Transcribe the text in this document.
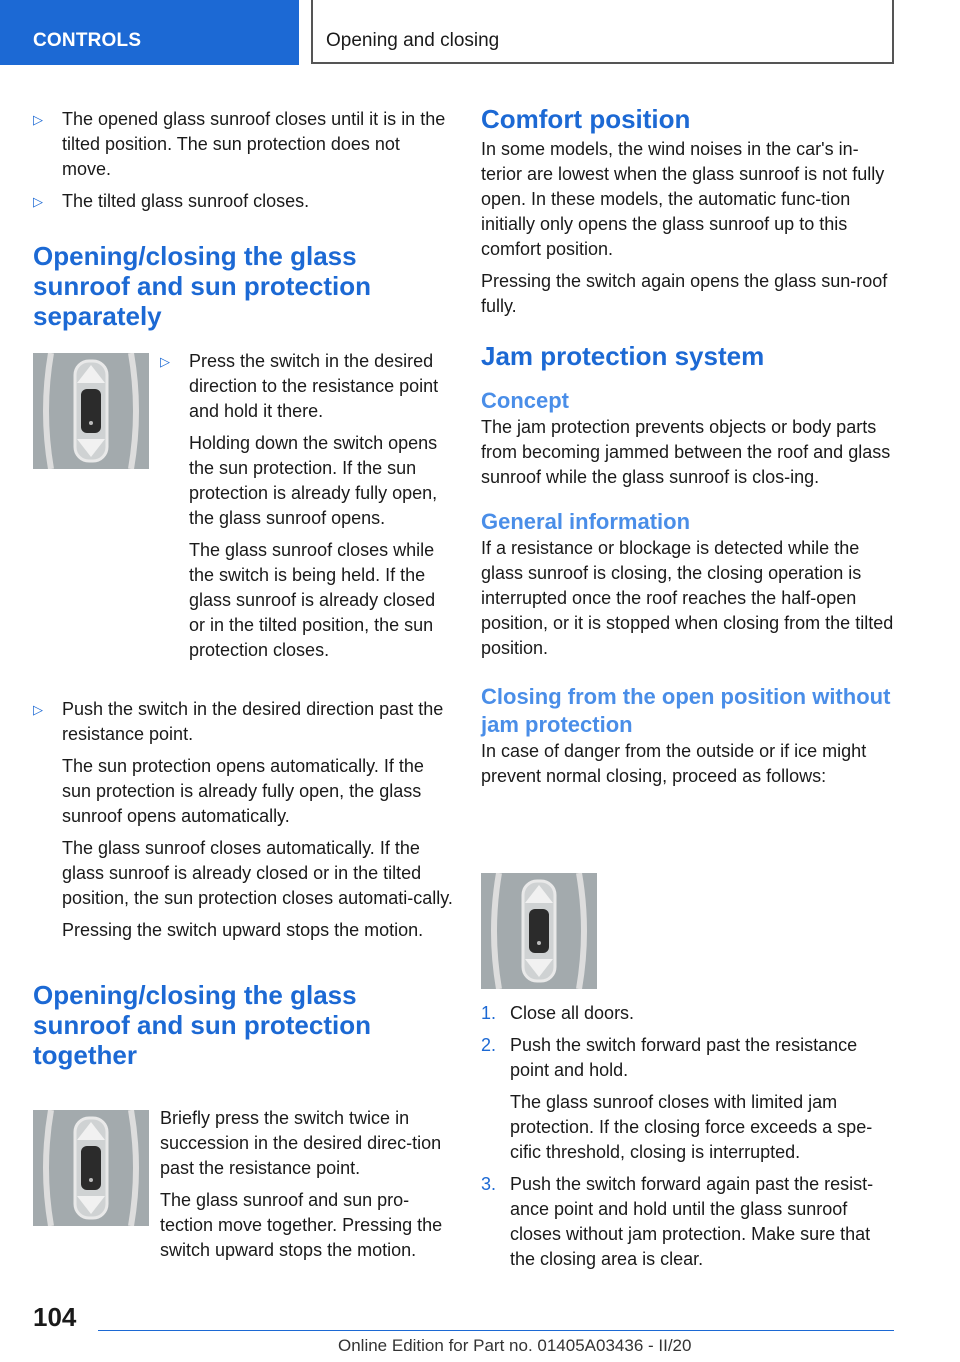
CONTROLS	Opening and closing
▷ The opened glass sunroof closes until it is in the tilted position. The sun protection does not move.

▷ The tilted glass sunroof closes.

Opening/closing the glass sunroof and sun protection separately
▷ Press the switch in the desired direction to the resistance point and hold it there.

Holding down the switch opens the sun protection. If the sun protection is already fully open, the glass sunroof opens.

The glass sunroof closes while the switch is being held. If the glass sunroof is already closed or in the tilted position, the sun protection closes.

▷ Push the switch in the desired direction past the resistance point.

The sun protection opens automatically. If the sun protection is already fully open, the glass sunroof opens automatically.

The glass sunroof closes automatically. If the glass sunroof is already closed or in the tilted position, the sun protection closes automati-cally.

Pressing the switch upward stops the motion.

Opening/closing the glass sunroof and sun protection together

Briefly press the switch twice in succession in the desired direc-tion past the resistance point.

The glass sunroof and sun pro-tection move together. Pressing the switch upward stops the motion.

Comfort position

In some models, the wind noises in the car's in-terior are lowest when the glass sunroof is not fully open. In these models, the automatic func-tion initially only opens the glass sunroof up to this comfort position.

Pressing the switch again opens the glass sun-roof fully.

Jam protection system
Concept

The jam protection prevents objects or body parts from becoming jammed between the roof and glass sunroof while the glass sunroof is clos-ing.

General information

If a resistance or blockage is detected while the glass sunroof is closing, the closing operation is interrupted once the roof reaches the half-open position, or it is stopped when closing from the tilted position.

Closing from the open position without jam protection

In case of danger from the outside or if ice might prevent normal closing, proceed as follows:

1. Close all doors.

2. Push the switch forward past the resistance point and hold.

The glass sunroof closes with limited jam protection. If the closing force exceeds a spe-cific threshold, closing is interrupted.

3. Push the switch forward again past the resist-ance point and hold until the glass sunroof closes without jam protection. Make sure that the closing area is clear.

104
Online Edition for Part no. 01405A03436 - II/20
